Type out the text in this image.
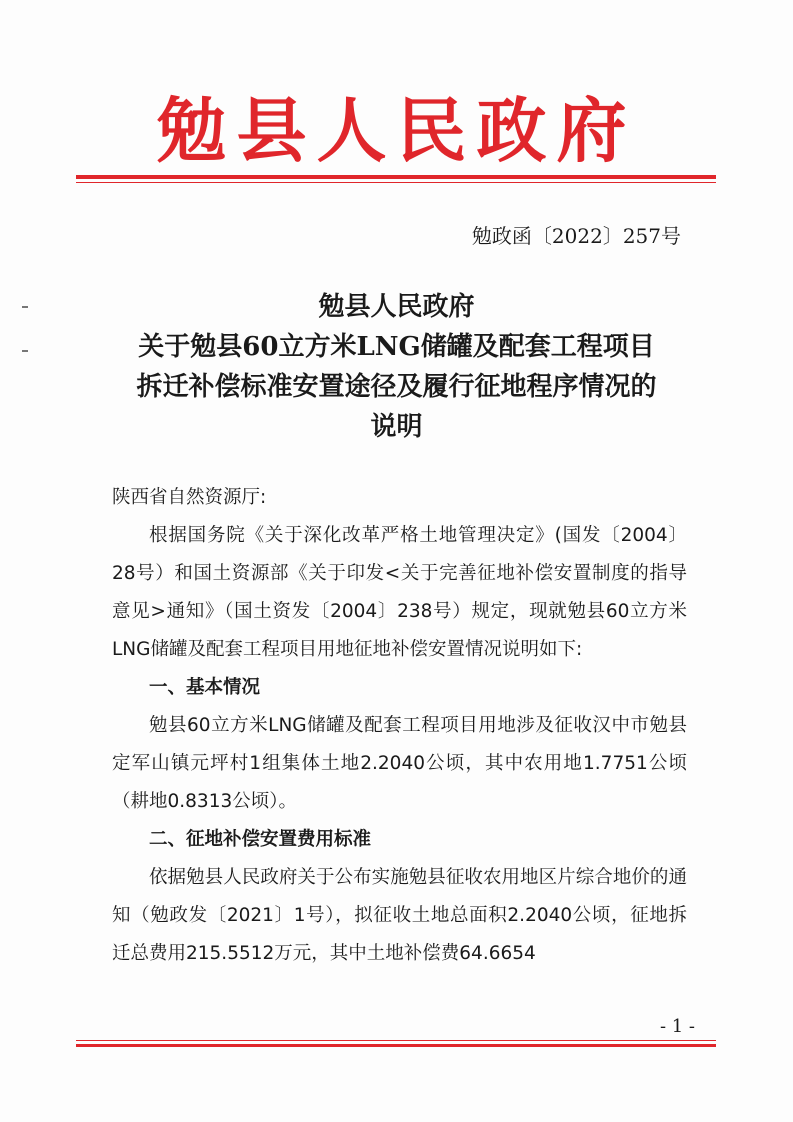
勉县人民政府
勉政函〔2022〕257号
勉县人民政府
关于勉县60立方米LNG储罐及配套工程项目
拆迁补偿标准安置途径及履行征地程序情况的
说明

陕西省自然资源厅:

根据国务院《关于深化改革严格土地管理决定》(国发〔2004〕28号）和国土资源部《关于印发<关于完善征地补偿安置制度的指导意见>通知》（国土资发〔2004〕238号）规定，现就勉县60立方米LNG储罐及配套工程项目用地征地补偿安置情况说明如下:

一、基本情况

勉县60立方米LNG储罐及配套工程项目用地涉及征收汉中市勉县定军山镇元坪村1组集体土地2.2040公顷，其中农用地1.7751公顷（耕地0.8313公顷）。

二、征地补偿安置费用标准

依据勉县人民政府关于公布实施勉县征收农用地区片综合地价的通知（勉政发〔2021〕1号），拟征收土地总面积2.2040公顷，征地拆迁总费用215.5512万元，其中土地补偿费64.6654

- 1 -
